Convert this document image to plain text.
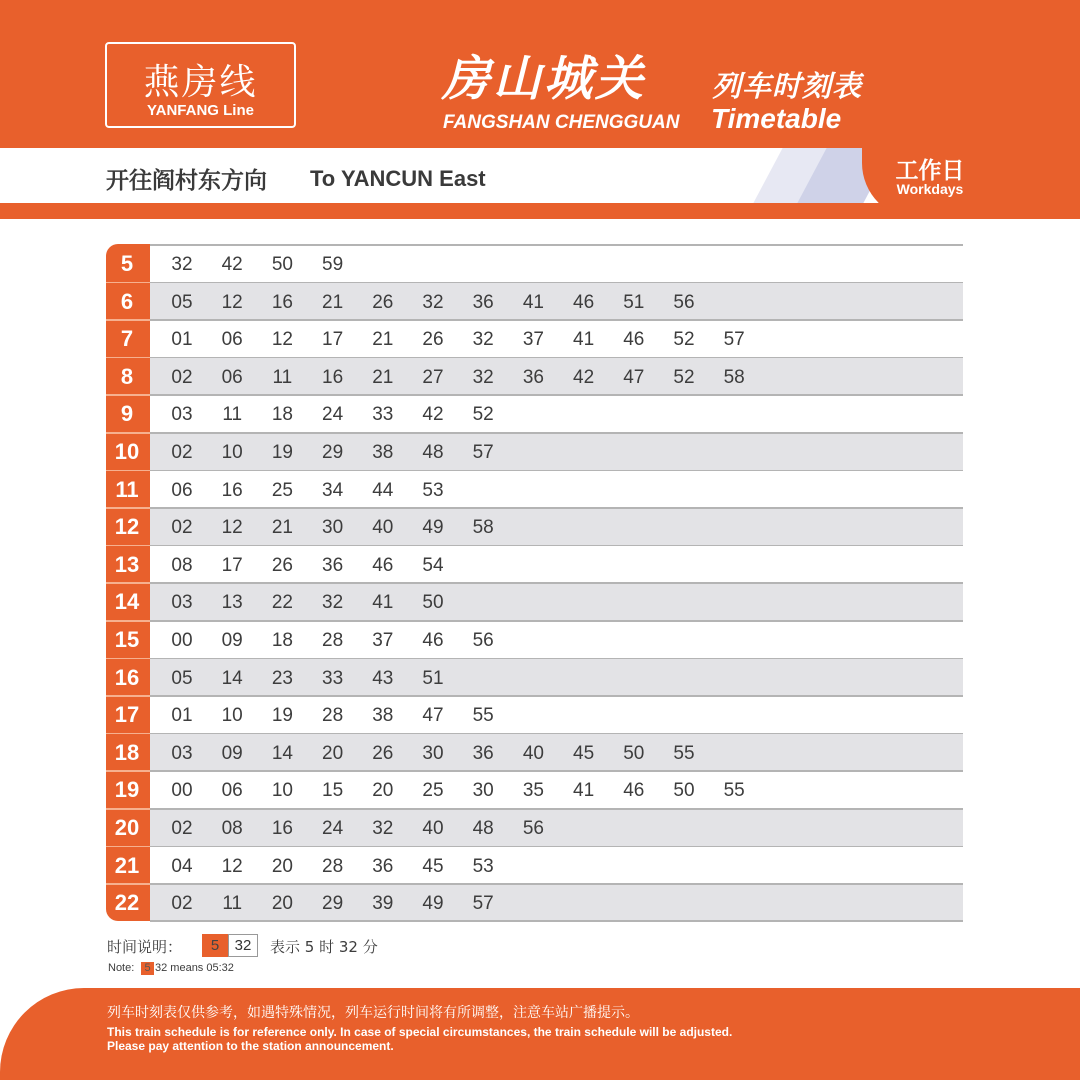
燕房线
YANFANG Line
房山城关
FANGSHAN CHENGGUAN
列车时刻表
Timetable
开往阎村东方向 To YANCUN East	工作日
Workdays
5	32	42	50	59
6	05	12	16	21	26	32	36	41	46	51	56
7	01	06	12	17	21	26	32	37	41	46	52	57
8	02	06	11	16	21	27	32	36	42	47	52	58
9	03	11	18	24	33	42	52
10	02	10	19	29	38	48	57
11	06	16	25	34	44	53
12	02	12	21	30	40	49	58
13	08	17	26	36	46	54
14	03	13	22	32	41	50
15	00	09	18	28	37	46	56
16	05	14	23	33	43	51
17	01	10	19	28	38	47	55
18	03	09	14	20	26	30	36	40	45	50	55
19	00	06	10	15	20	25	30	35	41	46	50	55
20	02	08	16	24	32	40	48	56
21	04	12	20	28	36	45	53
22	02	11	20	29	39	49	57
时间说明：	5	32	表示 5 时 32 分
Note: 5 32 means 05:32
列车时刻表仅供参考，如遇特殊情况，列车运行时间将有所调整，注意车站广播提示。
This train schedule is for reference only. In case of special circumstances, the train schedule will be adjusted.
Please pay attention to the station announcement.
